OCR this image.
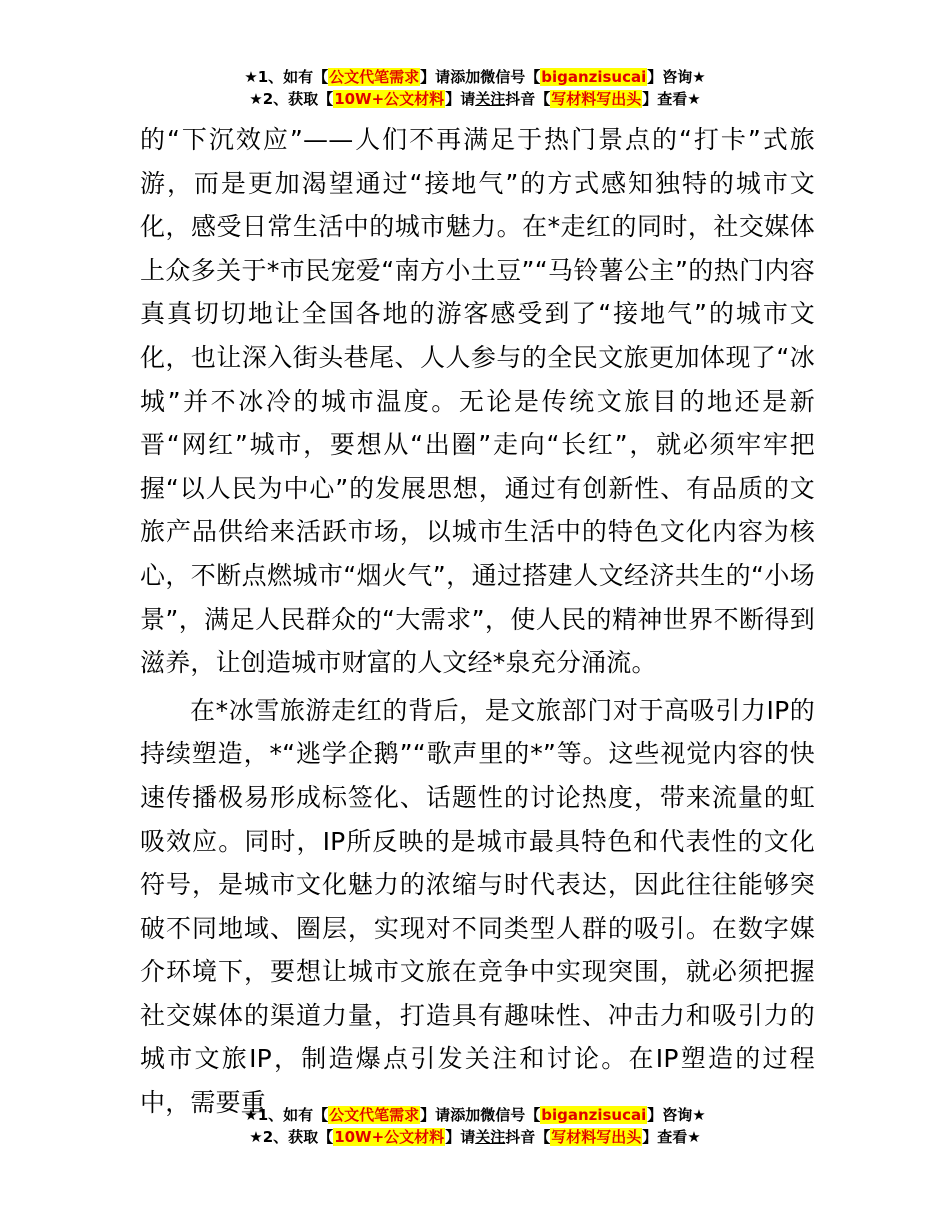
★1、如有【公文代笔需求】请添加微信号【biganzisucai】咨询★
★2、获取【10W+公文材料】请关注抖音【写材料写出头】查看★

的“下沉效应”——人们不再满足于热门景点的“打卡”式旅游，而是更加渴望通过“接地气”的方式感知独特的城市文化，感受日常生活中的城市魅力。在*走红的同时，社交媒体上众多关于*市民宠爱“南方小土豆”“马铃薯公主”的热门内容真真切切地让全国各地的游客感受到了“接地气”的城市文化，也让深入街头巷尾、人人参与的全民文旅更加体现了“冰城”并不冰冷的城市温度。无论是传统文旅目的地还是新晋“网红”城市，要想从“出圈”走向“长红”，就必须牢牢把握“以人民为中心”的发展思想，通过有创新性、有品质的文旅产品供给来活跃市场，以城市生活中的特色文化内容为核心，不断点燃城市“烟火气”，通过搭建人文经济共生的“小场景”，满足人民群众的“大需求”，使人民的精神世界不断得到滋养，让创造城市财富的人文经*泉充分涌流。

在*冰雪旅游走红的背后，是文旅部门对于高吸引力IP的持续塑造，*“逃学企鹅”“歌声里的*”等。这些视觉内容的快速传播极易形成标签化、话题性的讨论热度，带来流量的虹吸效应。同时，IP所反映的是城市最具特色和代表性的文化符号，是城市文化魅力的浓缩与时代表达，因此往往能够突破不同地域、圈层，实现对不同类型人群的吸引。在数字媒介环境下，要想让城市文旅在竞争中实现突围，就必须把握社交媒体的渠道力量，打造具有趣味性、冲击力和吸引力的城市文旅IP，制造爆点引发关注和讨论。在IP塑造的过程中，需要重

★1、如有【公文代笔需求】请添加微信号【biganzisucai】咨询★
★2、获取【10W+公文材料】请关注抖音【写材料写出头】查看★
